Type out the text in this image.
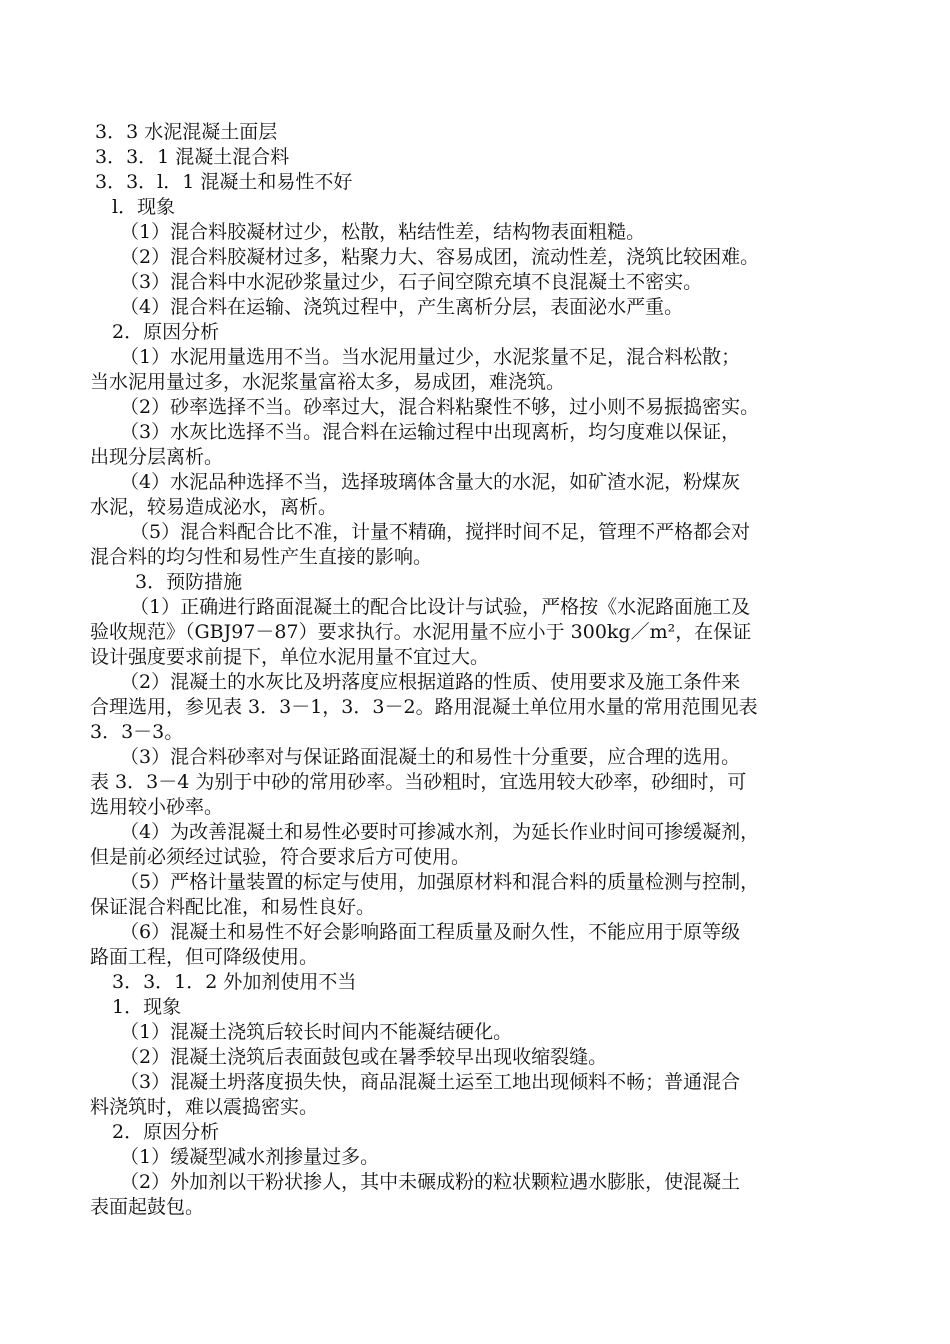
3．3 水泥混凝土面层
3．3．1 混凝土混合料
3．3．l．1 混凝土和易性不好
l．现象
（1）混合料胶凝材过少，松散，粘结性差，结构物表面粗糙。
（2）混合料胶凝材过多，粘聚力大、容易成团，流动性差，浇筑比较困难。
（3）混合料中水泥砂浆量过少，石子间空隙充填不良混凝土不密实。
（4）混合料在运输、浇筑过程中，产生离析分层，表面泌水严重。
2．原因分析
（1）水泥用量选用不当。当水泥用量过少，水泥浆量不足，混合料松散；
当水泥用量过多，水泥浆量富裕太多，易成团，难浇筑。
（2）砂率选择不当。砂率过大，混合料粘聚性不够，过小则不易振捣密实。
（3）水灰比选择不当。混合料在运输过程中出现离析，均匀度难以保证，
出现分层离析。
（4）水泥品种选择不当，选择玻璃体含量大的水泥，如矿渣水泥，粉煤灰
水泥，较易造成泌水，离析。
（5）混合料配合比不准，计量不精确，搅拌时间不足，管理不严格都会对
混合料的均匀性和易性产生直接的影响。
3．预防措施
（1）正确进行路面混凝土的配合比设计与试验，严格按《水泥路面施工及
验收规范》（GBJ97－87）要求执行。水泥用量不应小于 300kg／m²，在保证
设计强度要求前提下，单位水泥用量不宜过大。
（2）混凝土的水灰比及坍落度应根据道路的性质、使用要求及施工条件来
合理选用，参见表 3．3－1，3．3－2。路用混凝土单位用水量的常用范围见表
3．3－3。
（3）混合料砂率对与保证路面混凝土的和易性十分重要，应合理的选用。
表 3．3－4 为别于中砂的常用砂率。当砂粗时，宜选用较大砂率，砂细时，可
选用较小砂率。
（4）为改善混凝土和易性必要时可掺减水剂，为延长作业时间可掺缓凝剂，
但是前必须经过试验，符合要求后方可使用。
（5）严格计量装置的标定与使用，加强原材料和混合料的质量检测与控制，
保证混合料配比准，和易性良好。
（6）混凝土和易性不好会影响路面工程质量及耐久性，不能应用于原等级
路面工程，但可降级使用。
3．3．1．2 外加剂使用不当
1．现象
（1）混凝土浇筑后较长时间内不能凝结硬化。
（2）混凝土浇筑后表面鼓包或在暑季较早出现收缩裂缝。
（3）混凝土坍落度损失快，商品混凝土运至工地出现倾料不畅；普通混合
料浇筑时，难以震捣密实。
2．原因分析
（1）缓凝型减水剂掺量过多。
（2）外加剂以干粉状掺人，其中未碾成粉的粒状颗粒遇水膨胀，使混凝土
表面起鼓包。
